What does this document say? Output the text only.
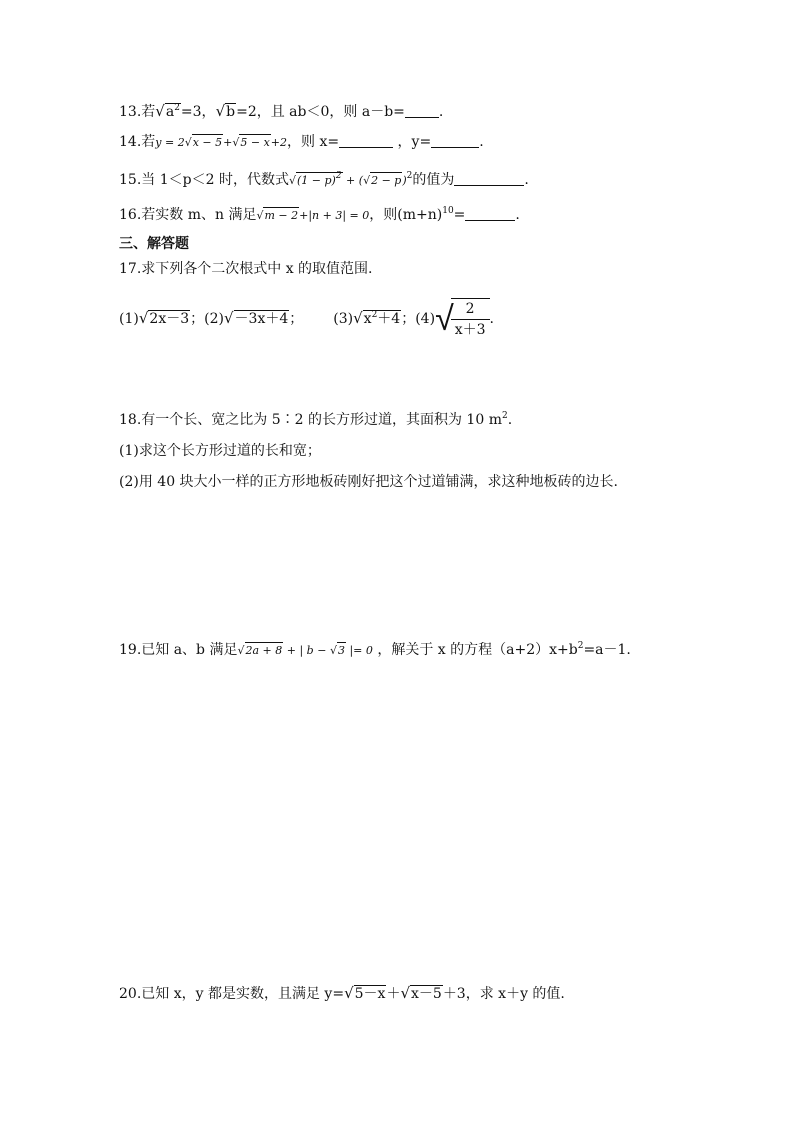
13.若$√a^2=3$，√b=2，且 ab＜0，则 a－b= .
14.若y = 2√x − 5+√5 − x+2，则 x=	，y=	.
15.当 1＜p＜2 时，代数式$√(1 - p)^2 + (√2 - p)^2$的值为	.
16.若实数 m、n 满足√m − 2+|n + 3| = 0，则$(m+n)^{10}=$	.
三、解答题
17.求下列各个二次根式中 x 的取值范围.
(1)√2x－3；(2)√－3x＋4； $(3)√x^2+4$；(4)√
$\frac{2}{x+3}$ .
18.有一个长、宽之比为 5∶2 的长方形过道，其面积为 10 $m^2$.
(1)求这个长方形过道的长和宽；
(2)用 40 块大小一样的正方形地板砖刚好把这个过道铺满，求这种地板砖的边长.
19.已知 a、b 满足√2a + 8 + | b − √3 |= 0 ，解关于 x 的方程$(a+2)x+b^2=a-1$.
20.已知 x，y 都是实数，且满足 y=√5－x＋√x－5＋3，求 x＋y 的值.
